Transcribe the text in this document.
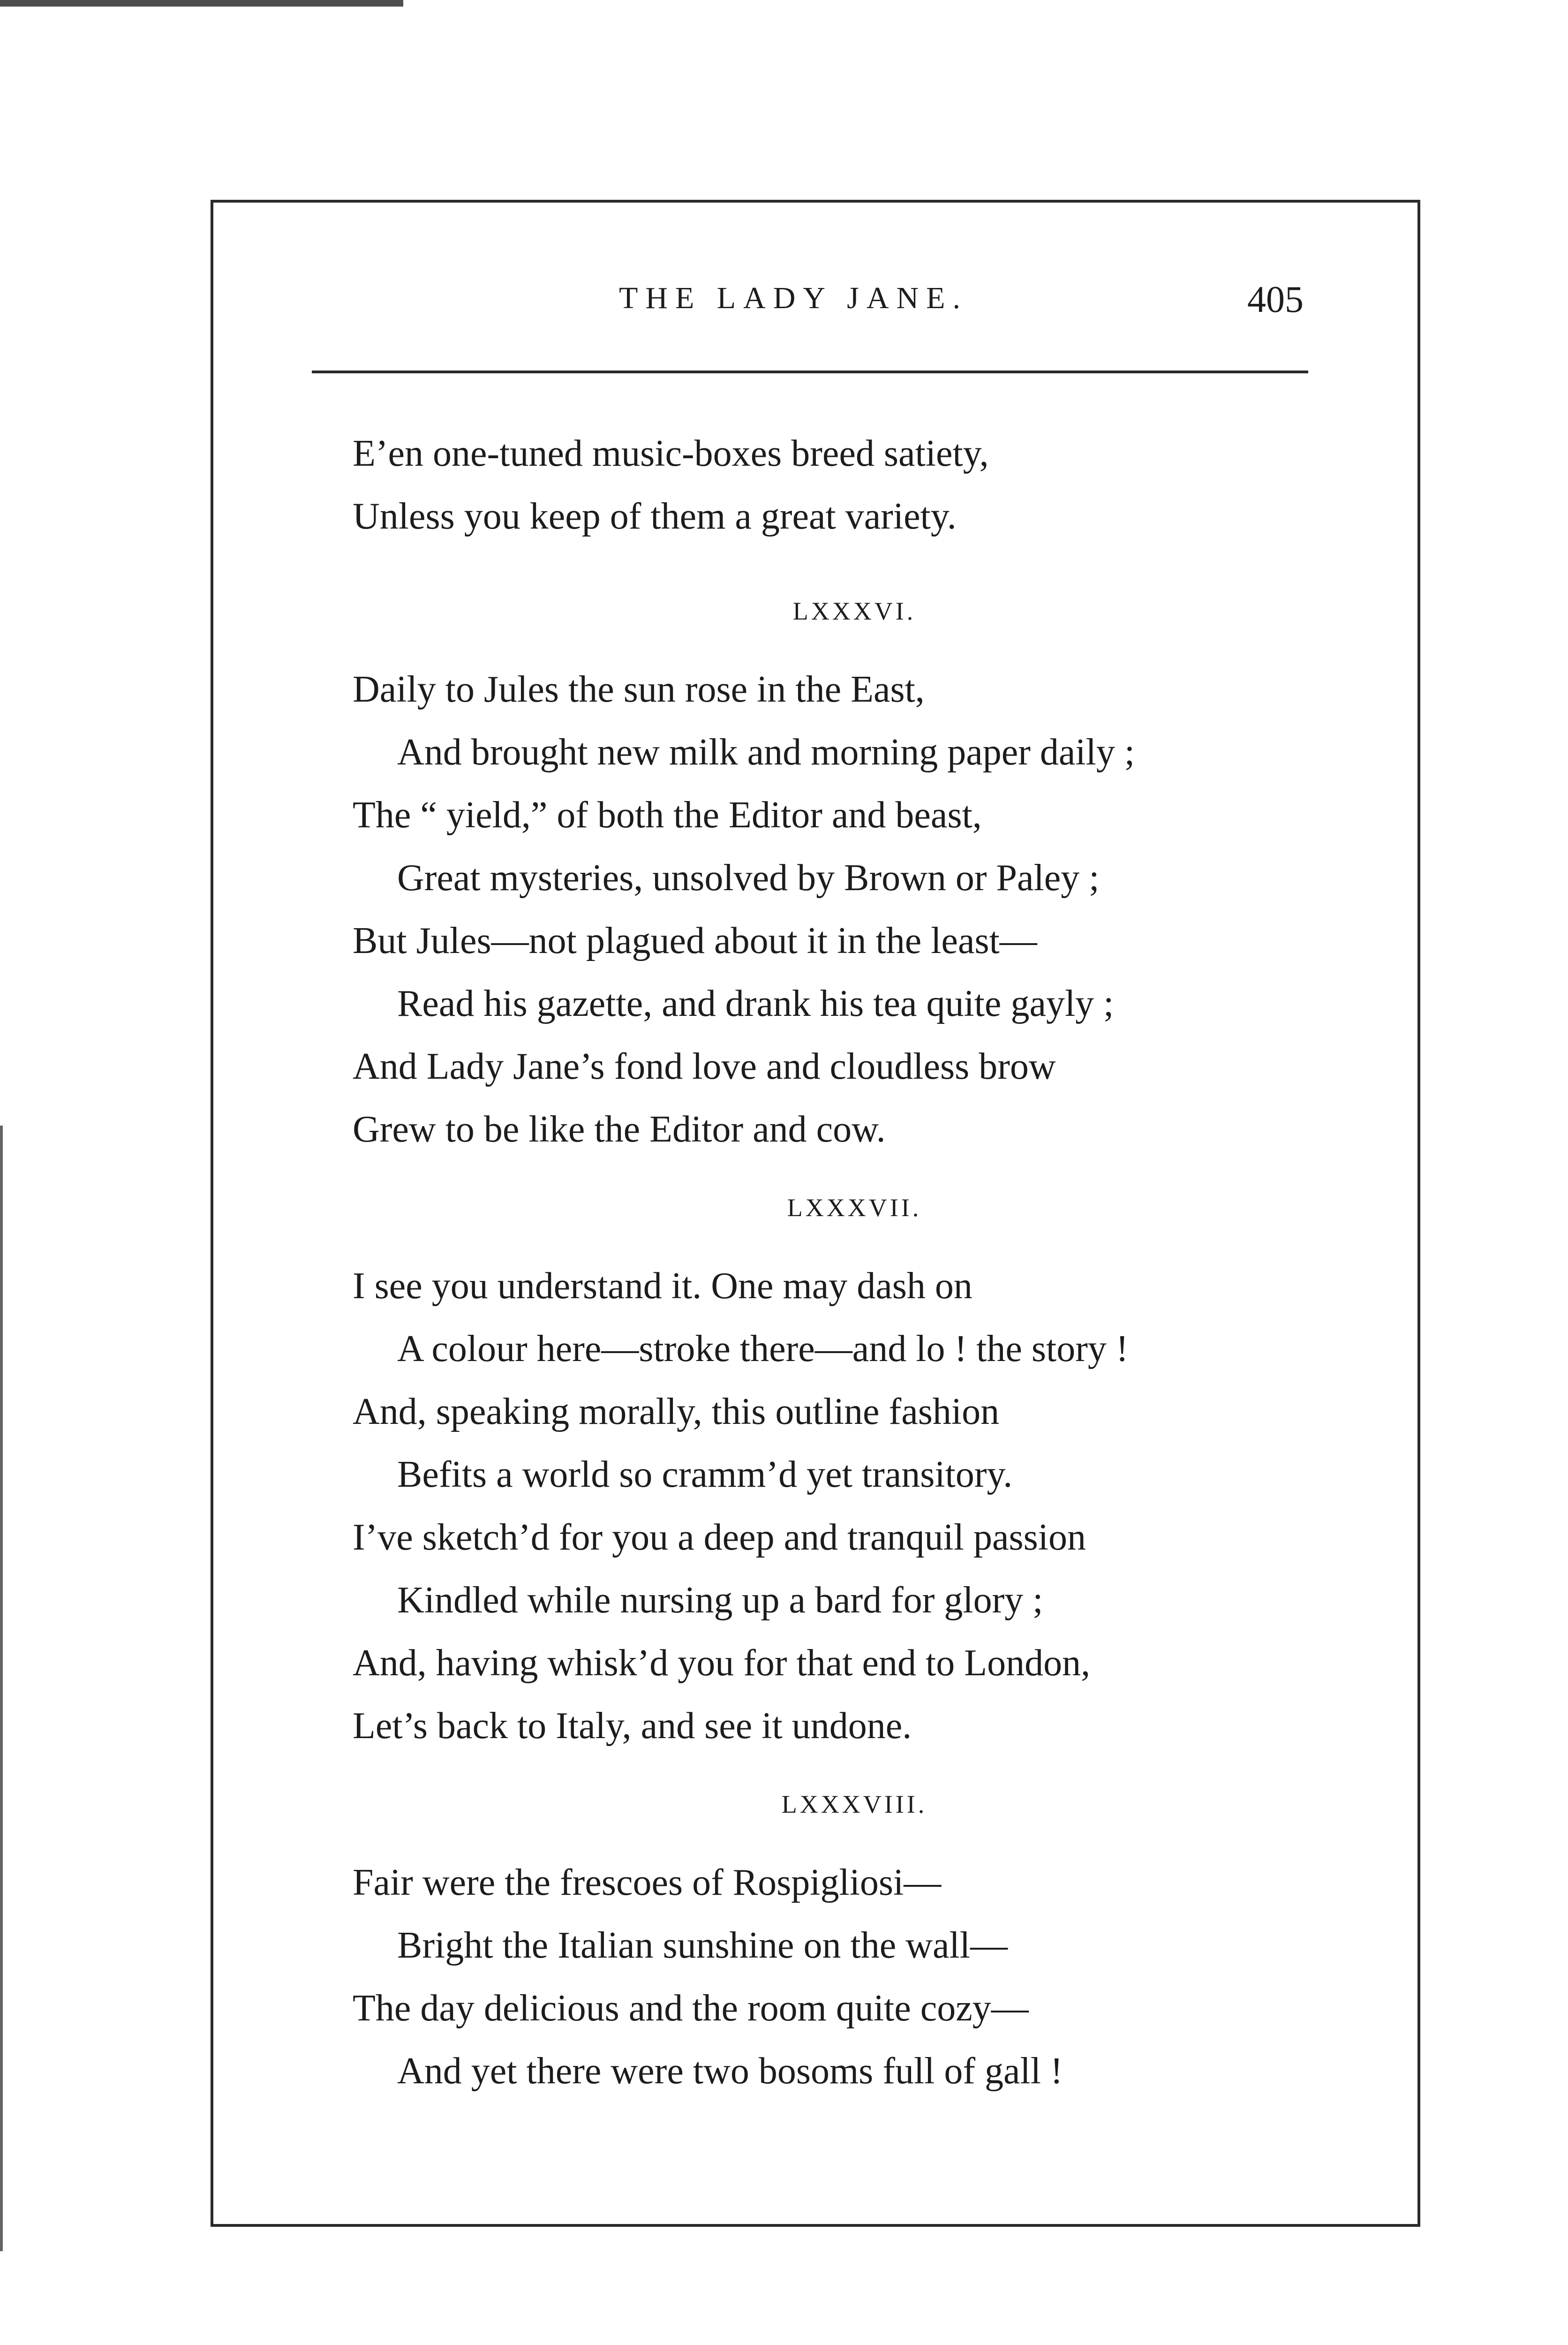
THE LADY JANE.	405
E’en one-tuned music-boxes breed satiety,
Unless you keep of them a great variety.
LXXXVI.
Daily to Jules the sun rose in the East,
And brought new milk and morning paper daily ;
The “ yield,” of both the Editor and beast,
Great mysteries, unsolved by Brown or Paley ;
But Jules—not plagued about it in the least—
Read his gazette, and drank his tea quite gayly ;
And Lady Jane’s fond love and cloudless brow
Grew to be like the Editor and cow.
LXXXVII.
I see you understand it. One may dash on
A colour here—stroke there—and lo ! the story !
And, speaking morally, this outline fashion
Befits a world so cramm’d yet transitory.
I’ve sketch’d for you a deep and tranquil passion
Kindled while nursing up a bard for glory ;
And, having whisk’d you for that end to London,
Let’s back to Italy, and see it undone.
LXXXVIII.
Fair were the frescoes of Rospigliosi—
Bright the Italian sunshine on the wall—
The day delicious and the room quite cozy—
And yet there were two bosoms full of gall !
